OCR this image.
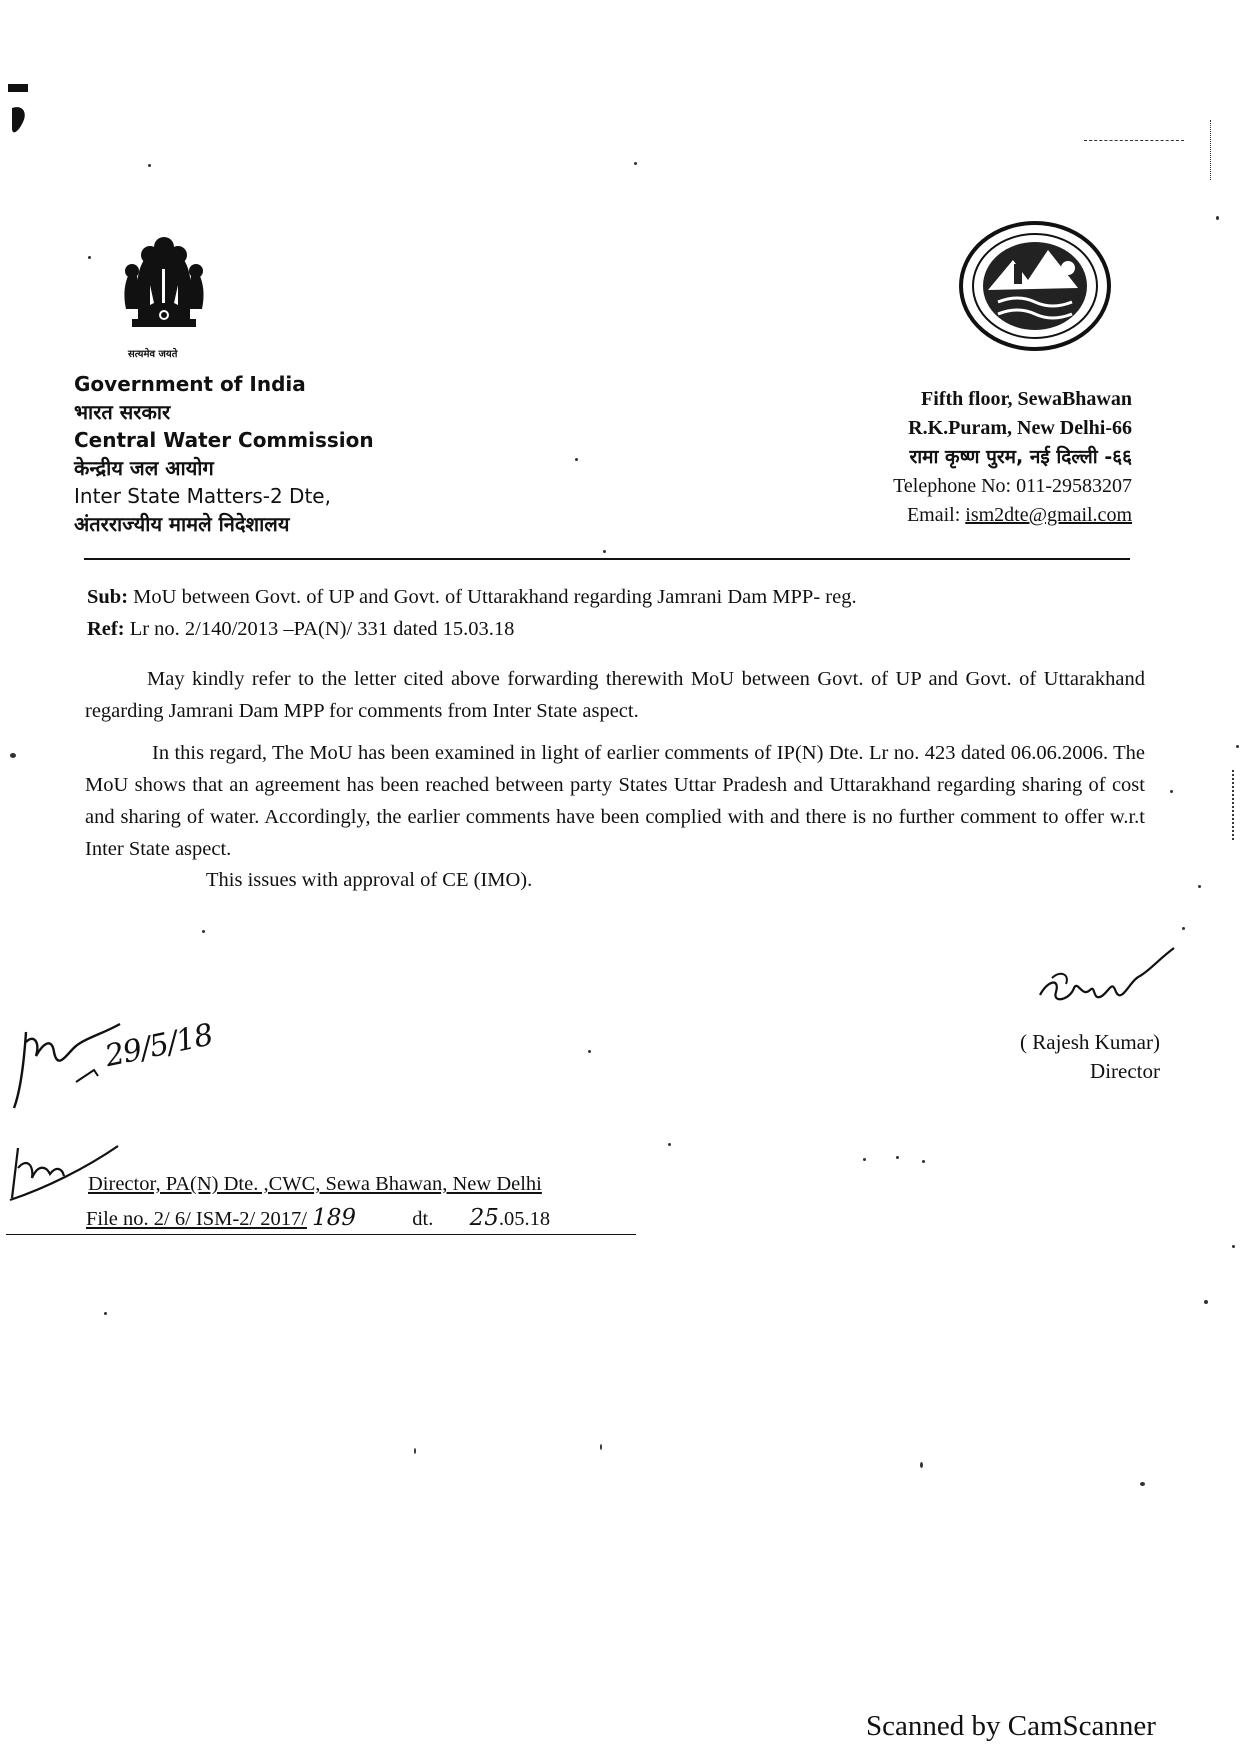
सत्यमेव जयते
Government of India
भारत सरकार
Central Water Commission
केन्द्रीय जल आयोग
Inter State Matters-2 Dte,
अंतरराज्यीय मामले निदेशालय
Fifth floor, SewaBhawan
R.K.Puram, New Delhi-66
रामा कृष्ण पुरम, नई दिल्ली -६६
Telephone No: 011-29583207
Email: ism2dte@gmail.com
Sub: MoU between Govt. of UP and Govt. of Uttarakhand regarding Jamrani Dam MPP- reg.
Ref: Lr no. 2/140/2013 –PA(N)/ 331 dated 15.03.18

May kindly refer to the letter cited above forwarding therewith MoU between Govt. of UP and Govt. of Uttarakhand regarding Jamrani Dam MPP for comments from Inter State aspect.

In this regard, The MoU has been examined in light of earlier comments of IP(N) Dte. Lr no. 423 dated 06.06.2006. The MoU shows that an agreement has been reached between party States Uttar Pradesh and Uttarakhand regarding sharing of cost and sharing of water. Accordingly, the earlier comments have been complied with and there is no further comment to offer w.r.t Inter State aspect.

This issues with approval of CE (IMO).
( Rajesh Kumar)
Director
29/5/18
Director, PA(N) Dte. ,CWC, Sewa Bhawan, New Delhi
File no. 2/ 6/ ISM-2/ 2017/ 189	dt. 25.05.18
Scanned by CamScanner
